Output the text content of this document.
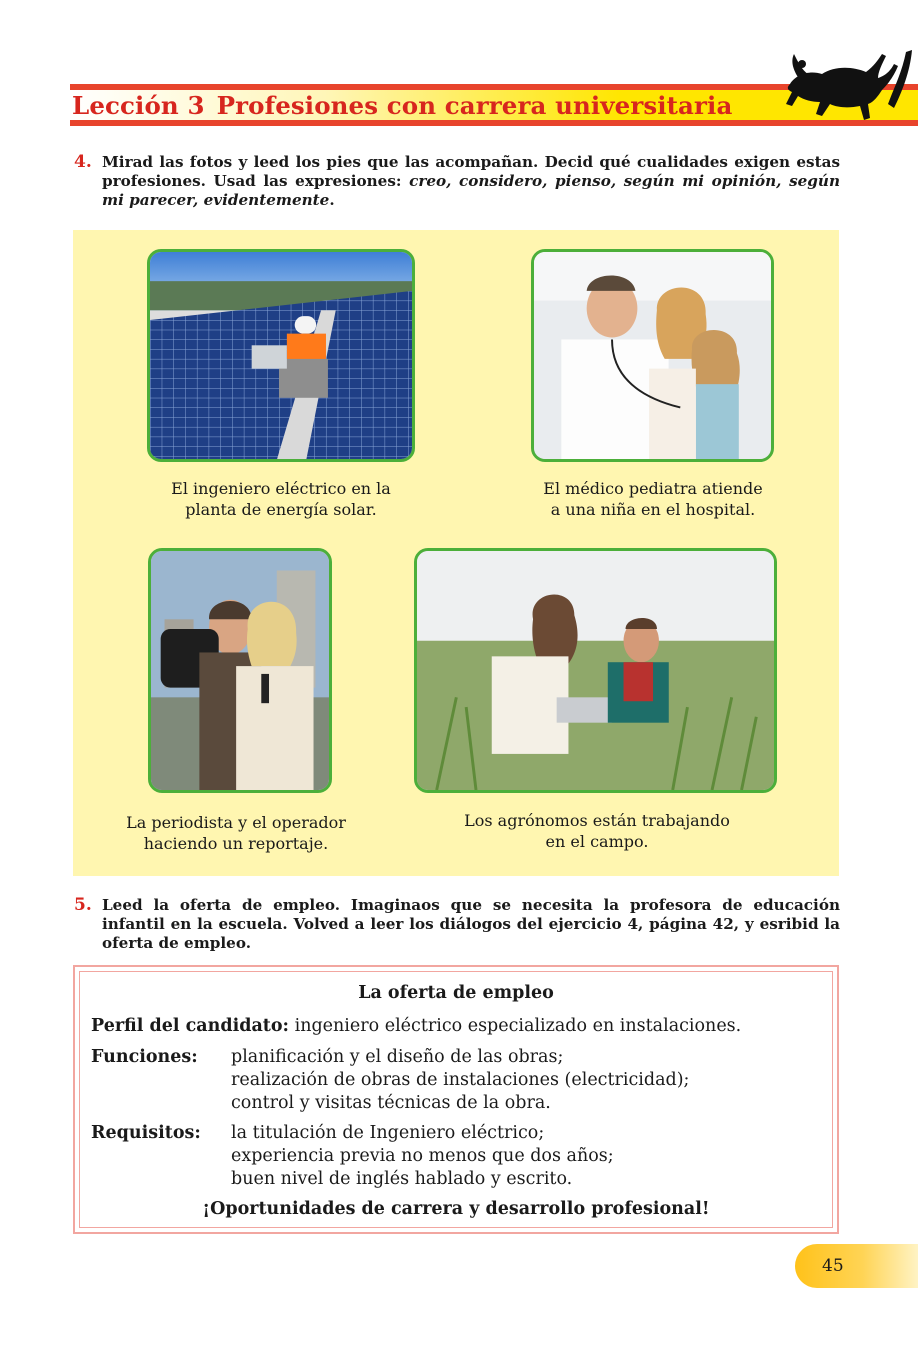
Lección 3 Profesiones con carrera universitaria
4. Mirad las fotos y leed los pies que las acompañan. Decid qué cualidades exigen estas profesiones. Usad las expresiones: creo, considero, pienso, según mi opinión, según mi parecer, evidentemente.
El ingeniero eléctrico en la
planta de energía solar.
El médico pediatra atiende
a una niña en el hospital.
La periodista y el operador
haciendo un reportaje.
Los agrónomos están trabajando
en el campo.
5. Leed la oferta de empleo. Imaginaos que se necesita la profesora de educación infantil en la escuela. Volved a leer los diálogos del ejercicio 4, página 42, y esribid la oferta de empleo.
La oferta de empleo
Perfil del candidato: ingeniero eléctrico especializado en instalaciones.
Funciones: planificación y el diseño de las obras;
realización de obras de instalaciones (electricidad);
control y visitas técnicas de la obra.
Requisitos: la titulación de Ingeniero eléctrico;
experiencia previa no menos que dos años;
buen nivel de inglés hablado y escrito.
¡Oportunidades de carrera y desarrollo profesional!
45
